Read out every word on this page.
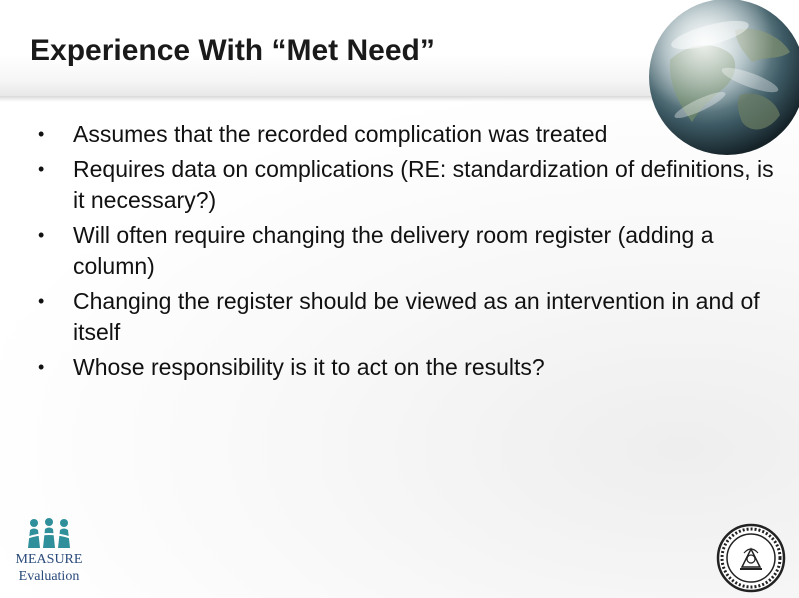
Experience With “Met Need”
• Assumes that the recorded complication was treated
• Requires data on complications (RE: standardization of definitions, is it necessary?)
• Will often require changing the delivery room register (adding a column)
• Changing the register should be viewed as an intervention in and of itself
• Whose responsibility is it to act on the results?
MEASURE
Evaluation
